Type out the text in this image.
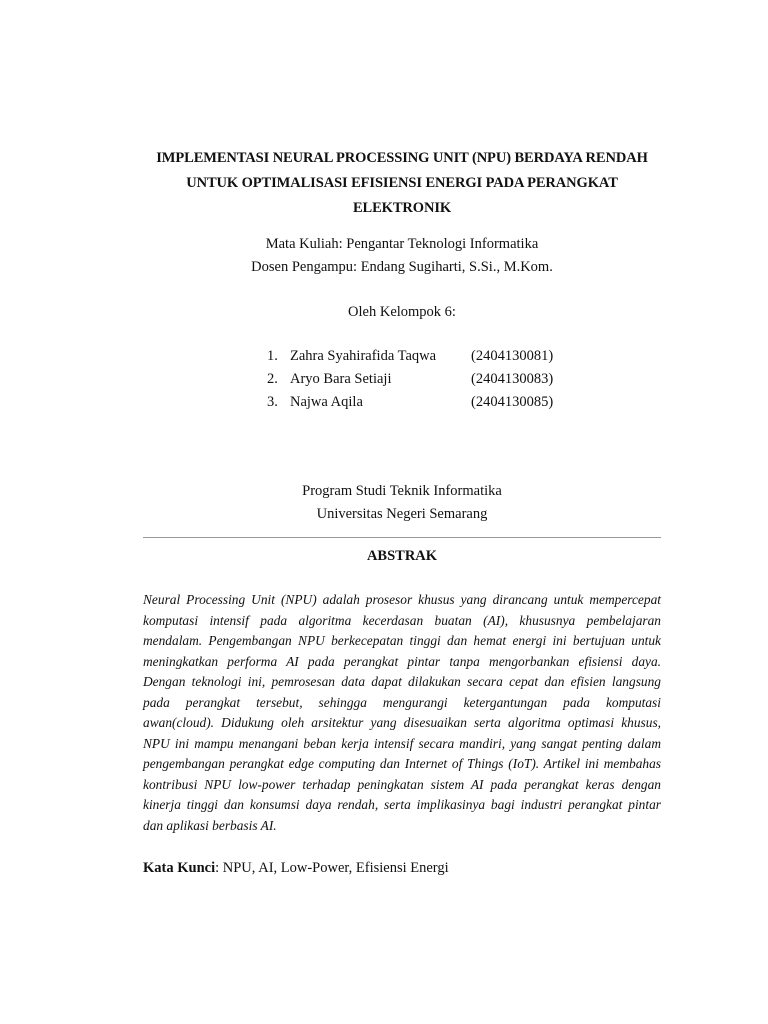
IMPLEMENTASI NEURAL PROCESSING UNIT (NPU) BERDAYA RENDAH
UNTUK OPTIMALISASI EFISIENSI ENERGI PADA PERANGKAT
ELEKTRONIK

Mata Kuliah: Pengantar Teknologi Informatika
Dosen Pengampu: Endang Sugiharti, S.Si., M.Kom.

Oleh Kelompok 6:

1. Zahra Syahirafida Taqwa	(2404130081)
2. Aryo Bara Setiaji	(2404130083)
3. Najwa Aqila	(2404130085)

Program Studi Teknik Informatika
Universitas Negeri Semarang

ABSTRAK

Neural Processing Unit (NPU) adalah prosesor khusus yang dirancang untuk mempercepat
komputasi intensif pada algoritma kecerdasan buatan (AI), khususnya pembelajaran
mendalam. Pengembangan NPU berkecepatan tinggi dan hemat energi ini bertujuan untuk
meningkatkan performa AI pada perangkat pintar tanpa mengorbankan efisiensi daya.
Dengan teknologi ini, pemrosesan data dapat dilakukan secara cepat dan efisien langsung
pada perangkat tersebut, sehingga mengurangi ketergantungan pada komputasi
awan(cloud). Didukung oleh arsitektur yang disesuaikan serta algoritma optimasi khusus,
NPU ini mampu menangani beban kerja intensif secara mandiri, yang sangat penting dalam
pengembangan perangkat edge computing dan Internet of Things (IoT). Artikel ini membahas
kontribusi NPU low-power terhadap peningkatan sistem AI pada perangkat keras dengan
kinerja tinggi dan konsumsi daya rendah, serta implikasinya bagi industri perangkat pintar
dan aplikasi berbasis AI.

Kata Kunci: NPU, AI, Low-Power, Efisiensi Energi
